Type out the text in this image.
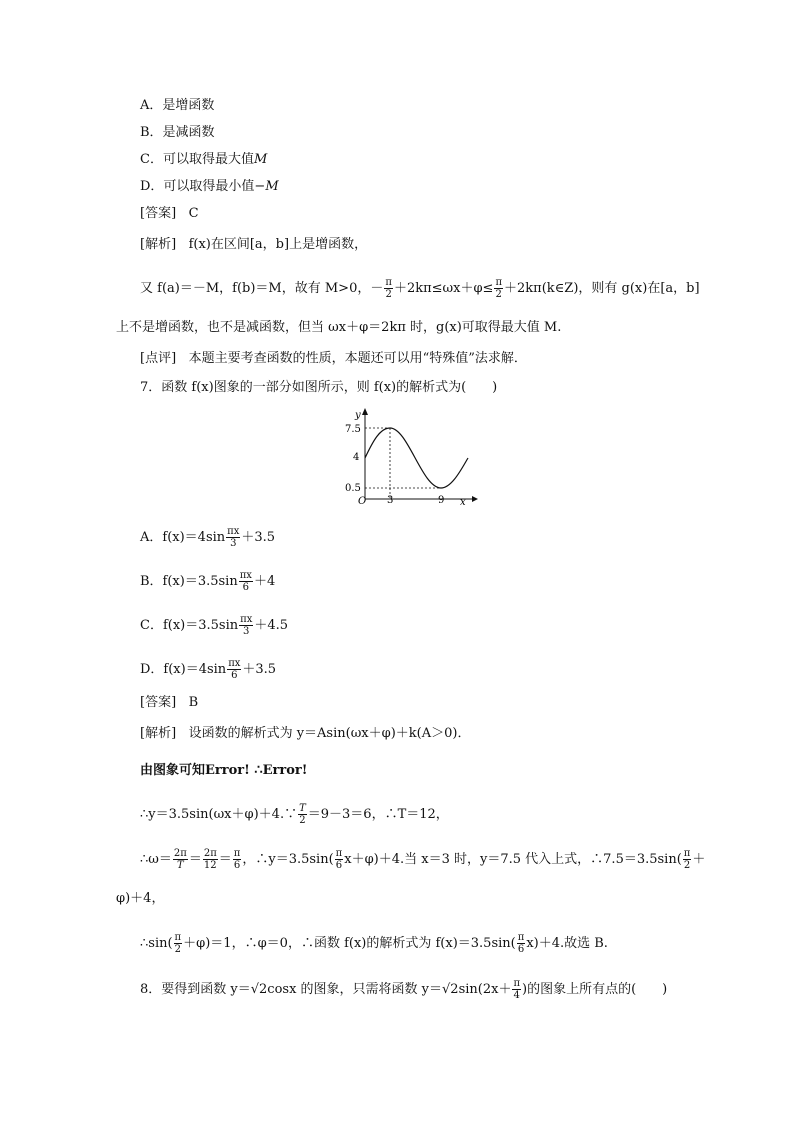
A．是增函数
B．是减函数
C．可以取得最大值M
D．可以取得最小值−M
[答案] C
[解析] f(x)在区间[a，b]上是增函数，
又 f(a)＝－M，f(b)＝M，故有 M>0，－ $\frac{\pi}{2} +2k\pi\le\omega x+\varphi\le \frac{\pi}{2}$ ＋2kπ(k∈Z)，则有 g(x)在[a，b]
上不是增函数，也不是减函数，但当 ωx＋φ＝2kπ 时，g(x)可取得最大值 M.
[点评] 本题主要考查函数的性质，本题还可以用“特殊值”法求解．
7．函数 f(x)图象的一部分如图所示，则 f(x)的解析式为(　　)
y
x
O
7.5
4
0.5
3	9
A．$f(x)=4\sin \frac{\pi x}{3} +3.5$
B．$f(x)=3.5\sin \frac{\pi x}{6} +4$
C．$f(x)=3.5\sin \frac{\pi x}{3} +4.5$
D．$f(x)=4\sin \frac{\pi x}{6} +3.5$
[答案] B
[解析] 设函数的解析式为 y＝Asin(ωx＋φ)＋k(A＞0)．
由图象可知Error! ∴Error!
∴y＝3.5sin(ωx＋φ)＋4.∵ $\frac{T}{2} =9-3=6$，∴T＝12，
∴ω＝ $\frac{2\pi}{T} = \frac{2\pi}{12} = \frac{\pi}{6}$ ，∴y＝3.5sin( $\frac{\pi}{6} x+\varphi)+4$.当 x＝3 时，y＝7.5 代入上式，∴7.5＝3.5sin( $\frac{\pi}{2}$ ＋
φ)＋4，
∴sin( $\frac{\pi}{2} +\varphi)=1$，∴φ＝0，∴函数 f(x)的解析式为 $f(x)=3.5\sin( \frac{\pi}{6} x)+4$.故选 B.
8．要得到函数 y＝√2cosx 的图象，只需将函数 $y=√2\sin(2x+ \frac{\pi}{4}$ )的图象上所有点的(　　)
